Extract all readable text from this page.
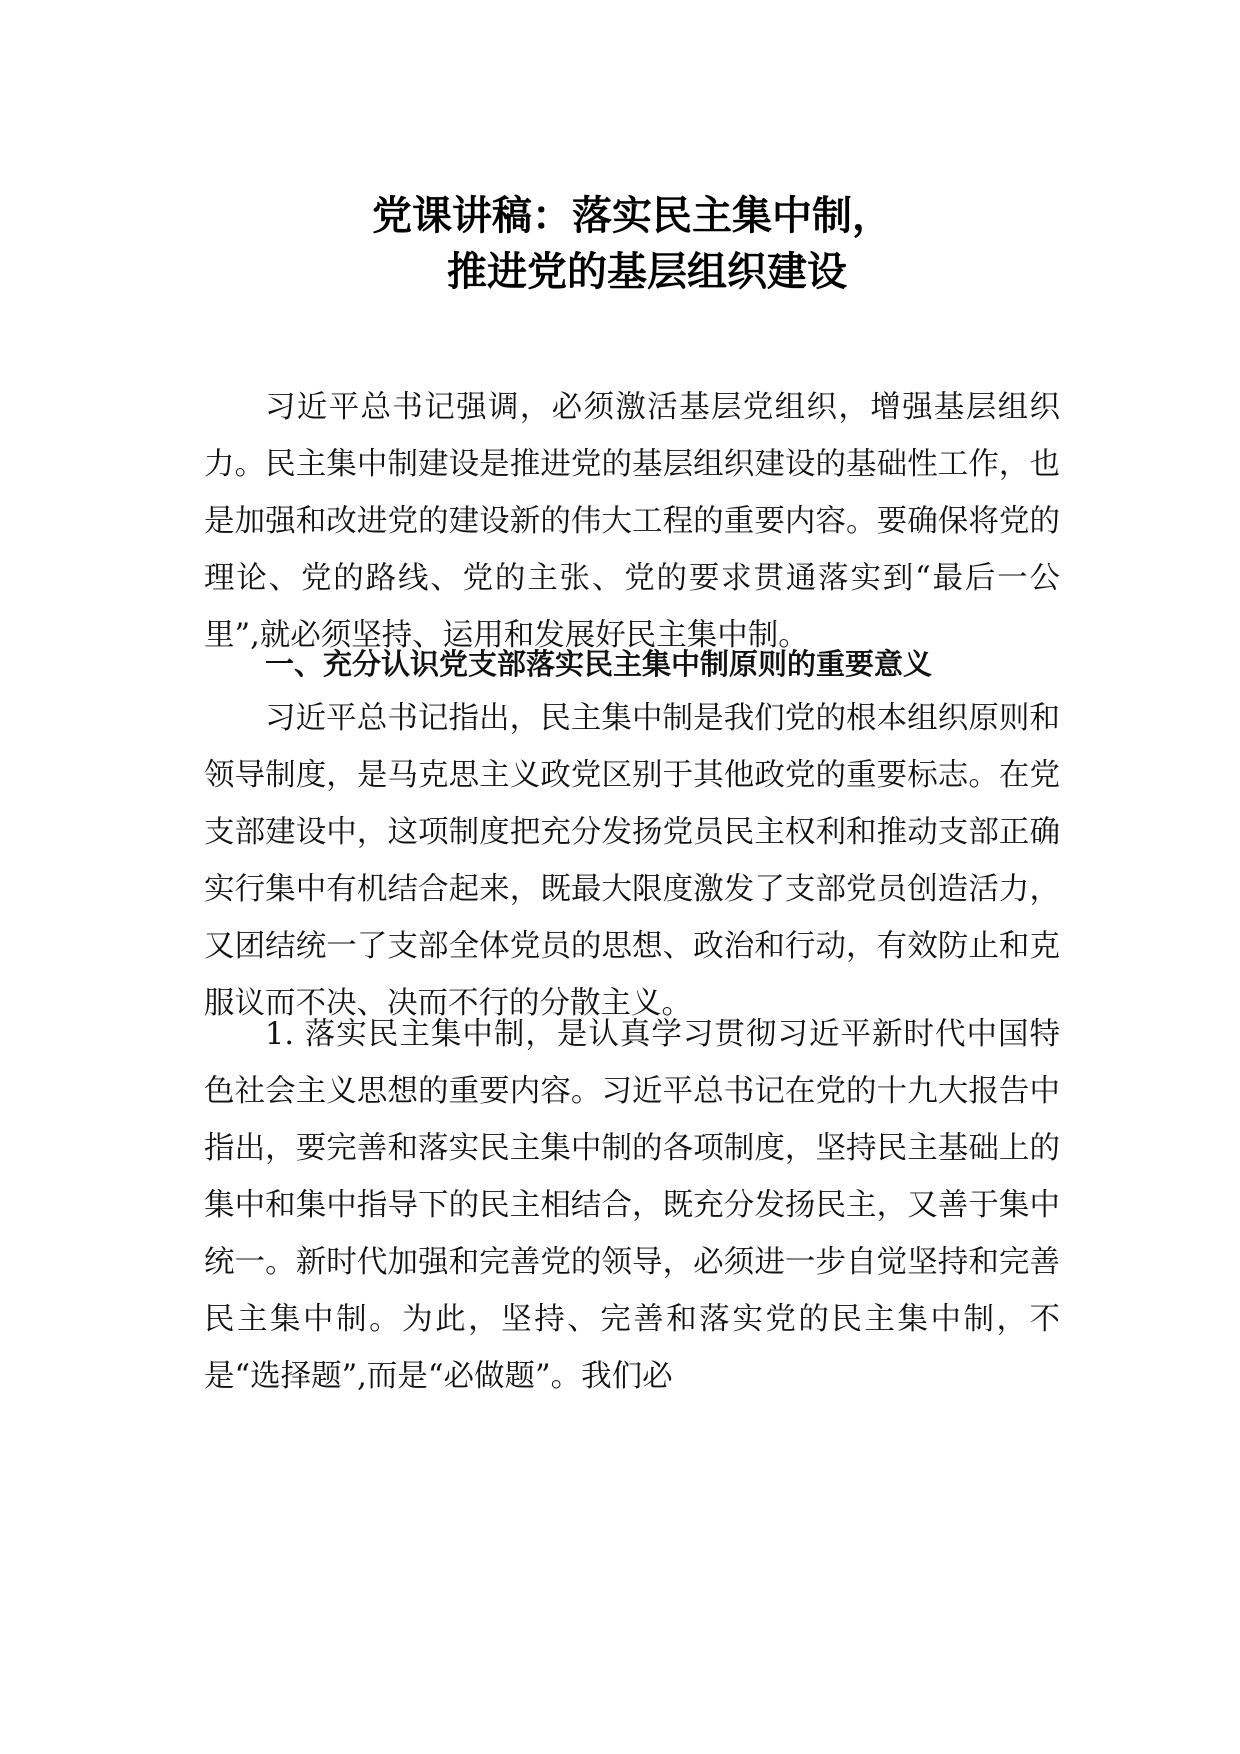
党课讲稿：落实民主集中制，
推进党的基层组织建设

习近平总书记强调，必须激活基层党组织，增强基层组织力。民主集中制建设是推进党的基层组织建设的基础性工作，也是加强和改进党的建设新的伟大工程的重要内容。要确保将党的理论、党的路线、党的主张、党的要求贯通落实到“最后一公里”,就必须坚持、运用和发展好民主集中制。

一、充分认识党支部落实民主集中制原则的重要意义

习近平总书记指出，民主集中制是我们党的根本组织原则和领导制度，是马克思主义政党区别于其他政党的重要标志。在党支部建设中，这项制度把充分发扬党员民主权利和推动支部正确实行集中有机结合起来，既最大限度激发了支部党员创造活力，又团结统一了支部全体党员的思想、政治和行动，有效防止和克服议而不决、决而不行的分散主义。

1. 落实民主集中制，是认真学习贯彻习近平新时代中国特色社会主义思想的重要内容。习近平总书记在党的十九大报告中指出，要完善和落实民主集中制的各项制度，坚持民主基础上的集中和集中指导下的民主相结合，既充分发扬民主，又善于集中统一。新时代加强和完善党的领导，必须进一步自觉坚持和完善民主集中制。为此，坚持、完善和落实党的民主集中制，不是“选择题”,而是“必做题”。我们必
